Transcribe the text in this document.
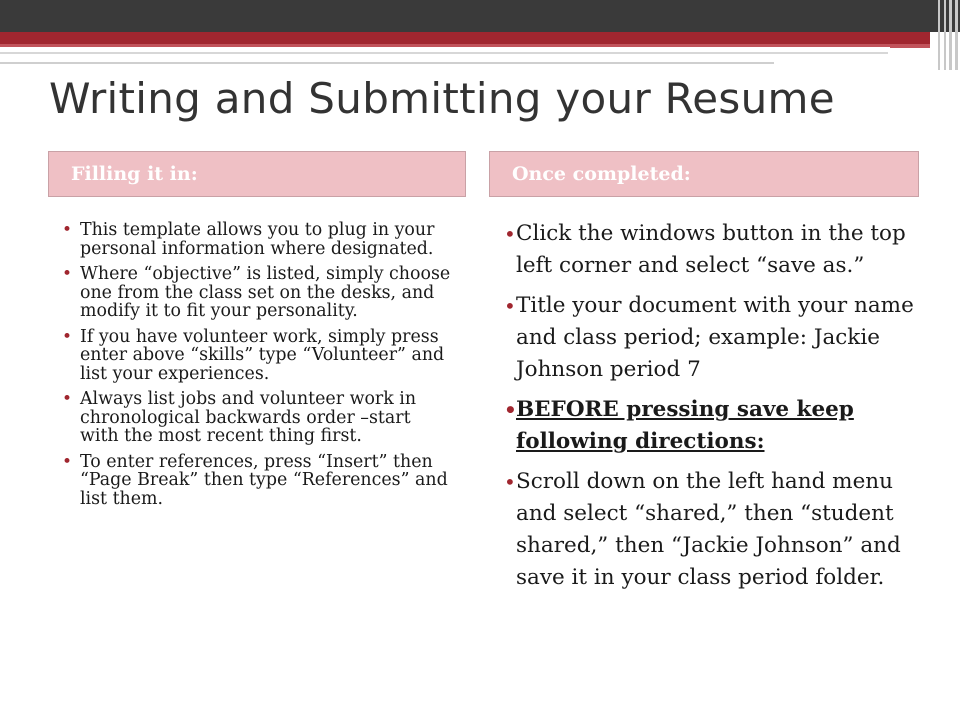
Writing and Submitting your Resume
Filling it in:	Once completed:
• This template allows you to plug in your personal information where designated.
• Where “objective” is listed, simply choose one from the class set on the desks, and modify it to fit your personality.
• If you have volunteer work, simply press enter above “skills” type “Volunteer” and list your experiences.
• Always list jobs and volunteer work in chronological backwards order –start with the most recent thing first.
• To enter references, press “Insert” then “Page Break” then type “References” and list them.
• Click the windows button in the top left corner and select “save as.”
• Title your document with your name and class period; example: Jackie Johnson period 7
• BEFORE pressing save keep following directions:
• Scroll down on the left hand menu and select “shared,” then “student shared,” then “Jackie Johnson” and save it in your class period folder.
